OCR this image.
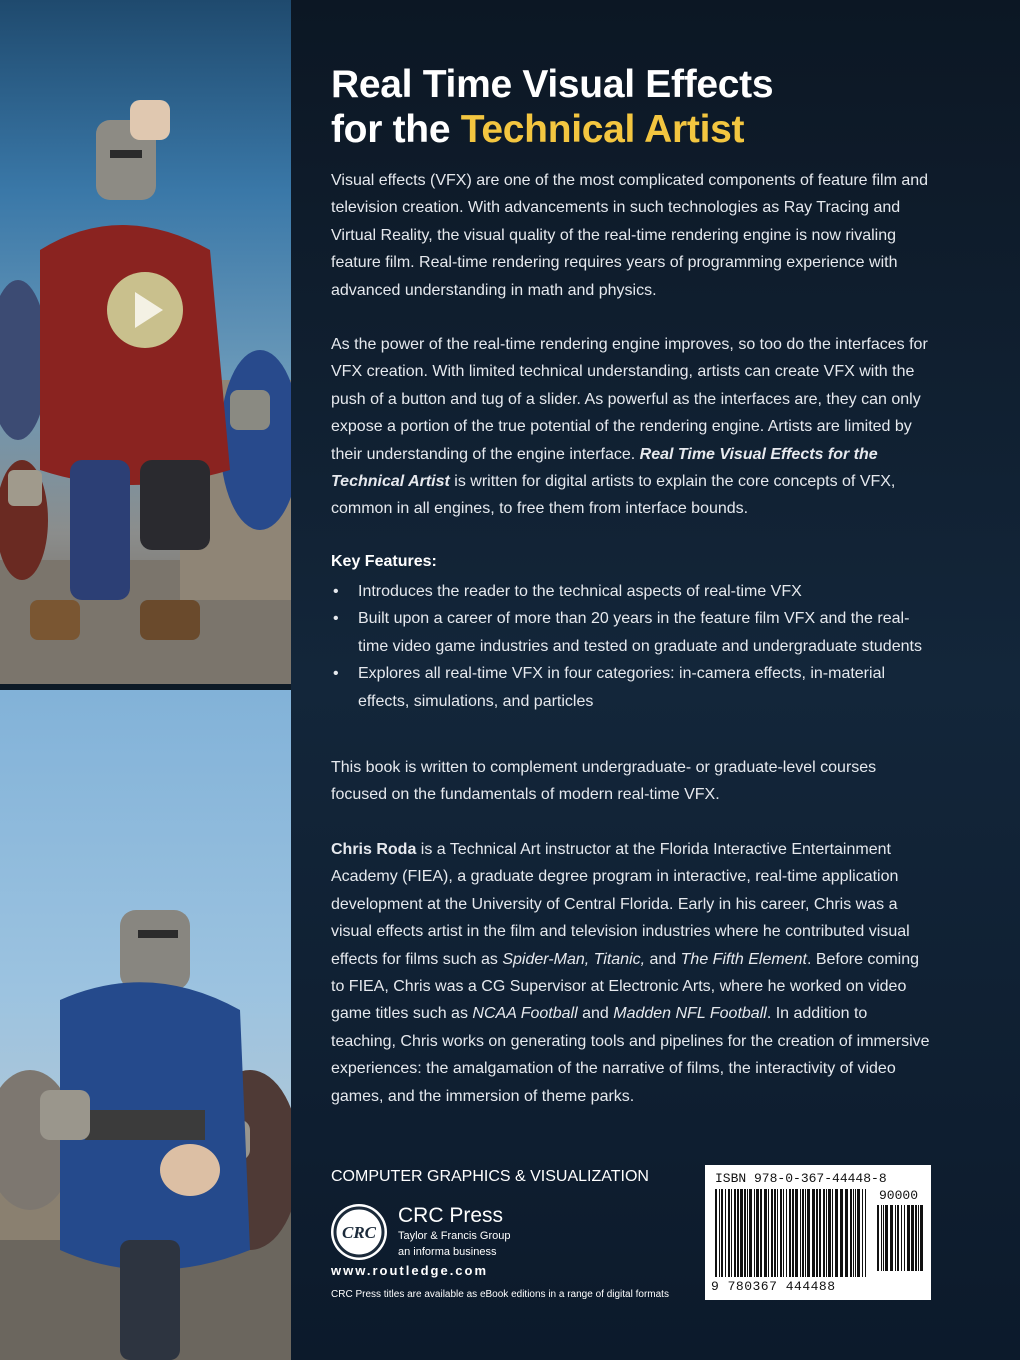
Real Time Visual Effects
for the Technical Artist

Visual effects (VFX) are one of the most complicated components of feature film and television creation. With advancements in such technologies as Ray Tracing and Virtual Reality, the visual quality of the real-time rendering engine is now rivaling feature film. Real-time rendering requires years of programming experience with advanced understanding in math and physics.

As the power of the real-time rendering engine improves, so too do the interfaces for VFX creation. With limited technical understanding, artists can create VFX with the push of a button and tug of a slider. As powerful as the interfaces are, they can only expose a portion of the true potential of the rendering engine. Artists are limited by their understanding of the engine interface. Real Time Visual Effects for the Technical Artist is written for digital artists to explain the core concepts of VFX, common in all engines, to free them from interface bounds.

Key Features:

• Introduces the reader to the technical aspects of real-time VFX
• Built upon a career of more than 20 years in the feature film VFX and the real-time video game industries and tested on graduate and undergraduate students
• Explores all real-time VFX in four categories: in-camera effects, in-material effects, simulations, and particles

This book is written to complement undergraduate- or graduate-level courses focused on the fundamentals of modern real-time VFX.

Chris Roda is a Technical Art instructor at the Florida Interactive Entertainment Academy (FIEA), a graduate degree program in interactive, real-time application development at the University of Central Florida. Early in his career, Chris was a visual effects artist in the film and television industries where he contributed visual effects for films such as Spider-Man, Titanic, and The Fifth Element. Before coming to FIEA, Chris was a CG Supervisor at Electronic Arts, where he worked on video game titles such as NCAA Football and Madden NFL Football. In addition to teaching, Chris works on generating tools and pipelines for the creation of immersive experiences: the amalgamation of the narrative of films, the interactivity of video games, and the immersion of theme parks.

COMPUTER GRAPHICS & VISUALIZATION

CRC
CRC Press
Taylor & Francis Group
an informa business

www.routledge.com

CRC Press titles are available as eBook editions in a range of digital formats

ISBN 978-0-367-44448-8
90000
9 780367 444488
